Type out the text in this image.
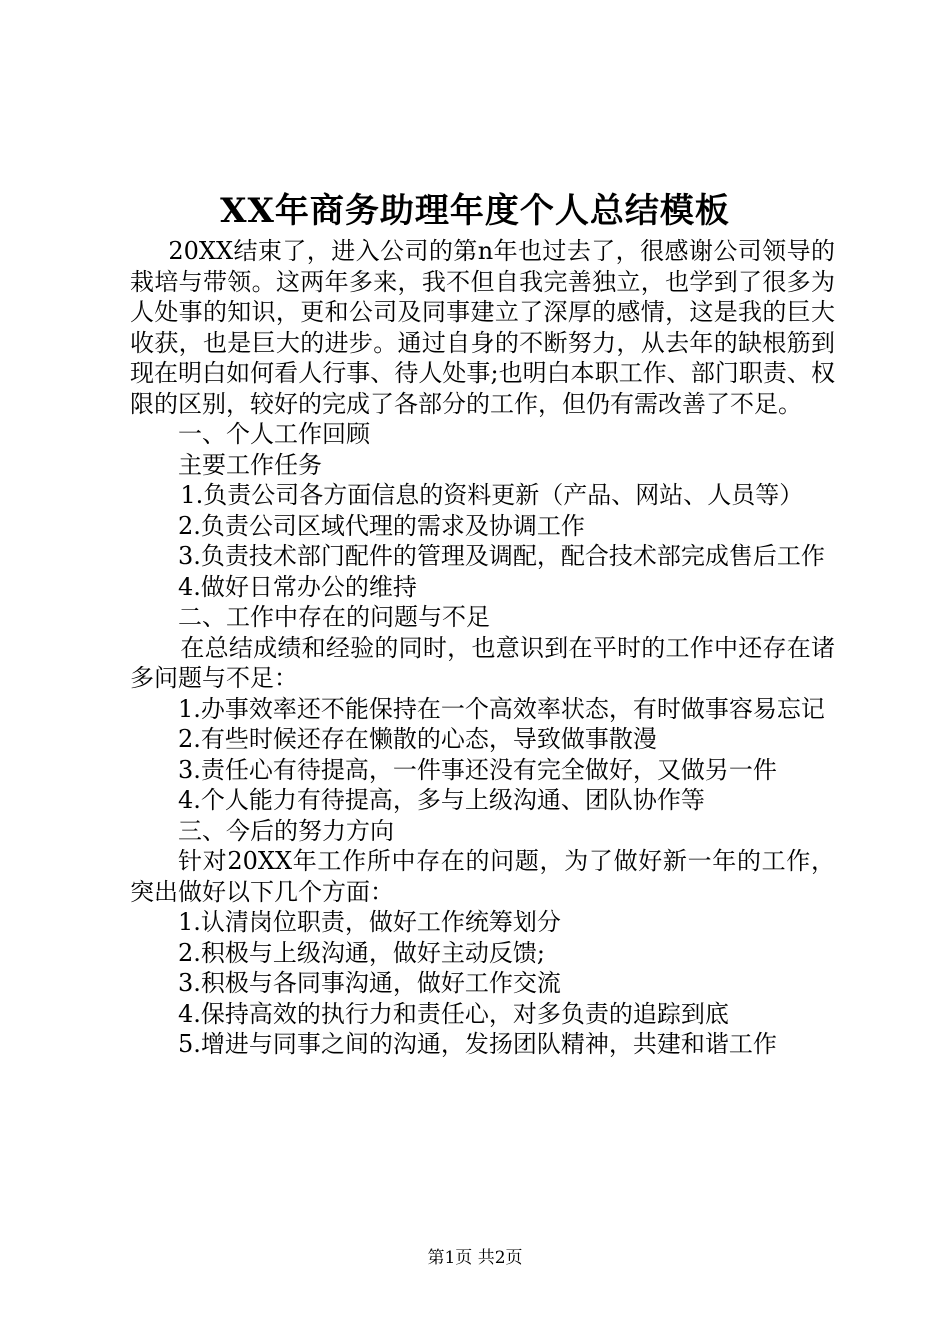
XX年商务助理年度个人总结模板

20XX结束了，进入公司的第n年也过去了，很感谢公司领导的栽培与带领。这两年多来，我不但自我完善独立，也学到了很多为人处事的知识，更和公司及同事建立了深厚的感情，这是我的巨大收获，也是巨大的进步。通过自身的不断努力，从去年的缺根筋到现在明白如何看人行事、待人处事;也明白本职工作、部门职责、权限的区别，较好的完成了各部分的工作，但仍有需改善了不足。

一、个人工作回顾

主要工作任务

1.负责公司各方面信息的资料更新（产品、网站、人员等）

2.负责公司区域代理的需求及协调工作

3.负责技术部门配件的管理及调配，配合技术部完成售后工作

4.做好日常办公的维持

二、工作中存在的问题与不足

在总结成绩和经验的同时，也意识到在平时的工作中还存在诸多问题与不足：

1.办事效率还不能保持在一个高效率状态，有时做事容易忘记

2.有些时候还存在懒散的心态，导致做事散漫

3.责任心有待提高，一件事还没有完全做好，又做另一件

4.个人能力有待提高，多与上级沟通、团队协作等

三、今后的努力方向

针对20XX年工作所中存在的问题，为了做好新一年的工作，突出做好以下几个方面：

1.认清岗位职责，做好工作统筹划分

2.积极与上级沟通，做好主动反馈;

3.积极与各同事沟通，做好工作交流

4.保持高效的执行力和责任心，对多负责的追踪到底

5.增进与同事之间的沟通，发扬团队精神，共建和谐工作

第1页 共2页
